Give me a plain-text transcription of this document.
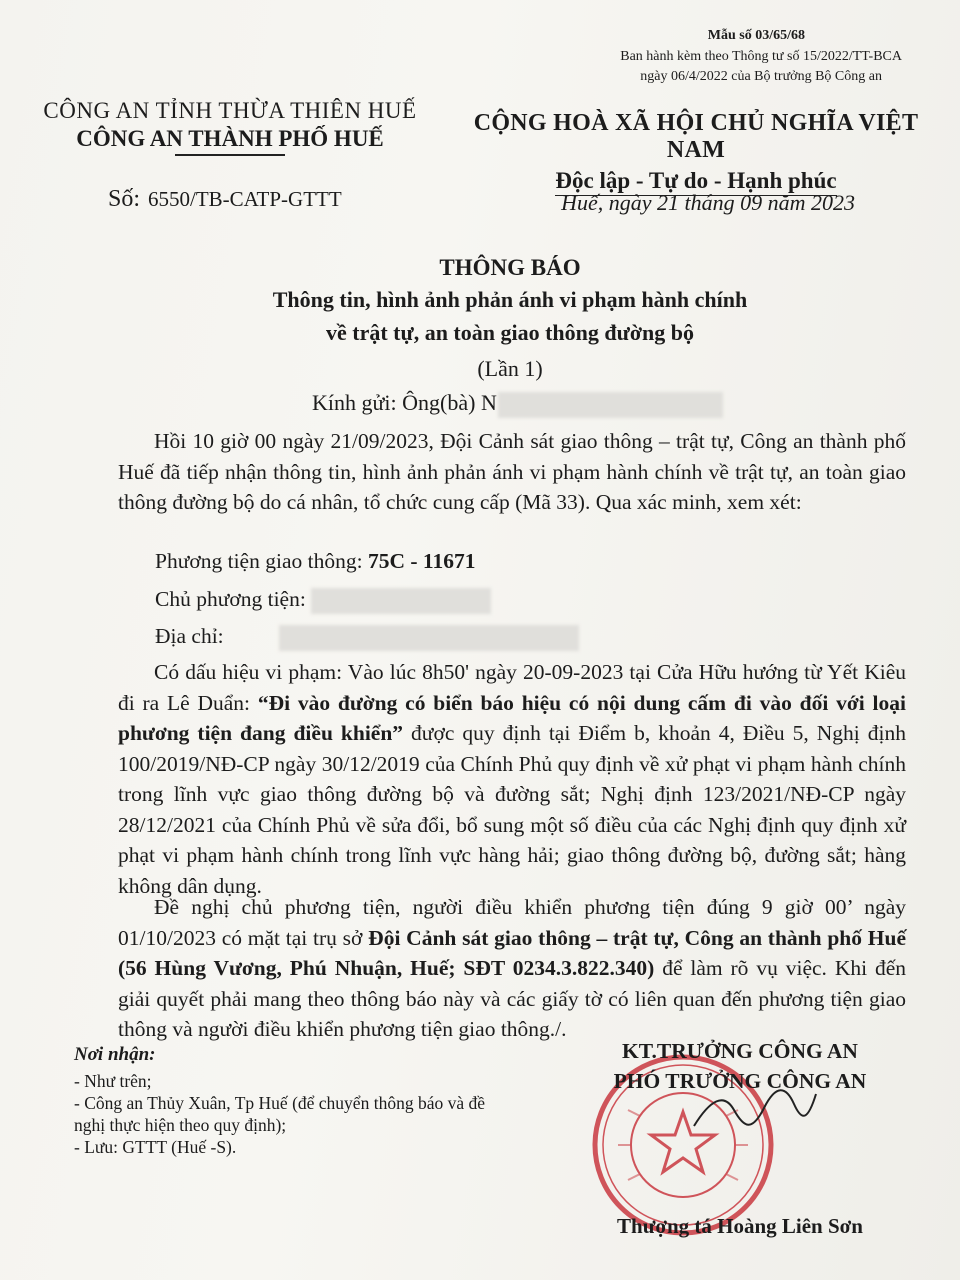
Mẫu số 03/65/68
Ban hành kèm theo Thông tư số 15/2022/TT-BCA
ngày 06/4/2022 của Bộ trưởng Bộ Công an
CÔNG AN TỈNH THỪA THIÊN HUẾ
CÔNG AN THÀNH PHỐ HUẾ
CỘNG HOÀ XÃ HỘI CHỦ NGHĨA VIỆT NAM
Độc lập - Tự do - Hạnh phúc
Số: 6550/TB-CATP-GTTT	Huế, ngày 21 tháng 09 năm 2023
THÔNG BÁO
Thông tin, hình ảnh phản ánh vi phạm hành chính
về trật tự, an toàn giao thông đường bộ
(Lần 1)
Kính gửi: Ông(bà) N
Hồi 10 giờ 00 ngày 21/09/2023, Đội Cảnh sát giao thông – trật tự, Công an thành phố Huế đã tiếp nhận thông tin, hình ảnh phản ánh vi phạm hành chính về trật tự, an toàn giao thông đường bộ do cá nhân, tổ chức cung cấp (Mã 33). Qua xác minh, xem xét:
Phương tiện giao thông: 75C - 11671
Chủ phương tiện:
Địa chỉ:
Có dấu hiệu vi phạm: Vào lúc 8h50' ngày 20-09-2023 tại Cửa Hữu hướng từ Yết Kiêu đi ra Lê Duẩn: “Đi vào đường có biển báo hiệu có nội dung cấm đi vào đối với loại phương tiện đang điều khiển” được quy định tại Điểm b, khoản 4, Điều 5, Nghị định 100/2019/NĐ-CP ngày 30/12/2019 của Chính Phủ quy định về xử phạt vi phạm hành chính trong lĩnh vực giao thông đường bộ và đường sắt; Nghị định 123/2021/NĐ-CP ngày 28/12/2021 của Chính Phủ về sửa đổi, bổ sung một số điều của các Nghị định quy định xử phạt vi phạm hành chính trong lĩnh vực hàng hải; giao thông đường bộ, đường sắt; hàng không dân dụng.
Đề nghị chủ phương tiện, người điều khiển phương tiện đúng 9 giờ 00’ ngày 01/10/2023 có mặt tại trụ sở Đội Cảnh sát giao thông – trật tự, Công an thành phố Huế (56 Hùng Vương, Phú Nhuận, Huế; SĐT 0234.3.822.340) để làm rõ vụ việc. Khi đến giải quyết phải mang theo thông báo này và các giấy tờ có liên quan đến phương tiện giao thông và người điều khiển phương tiện giao thông./.
Nơi nhận:
- Như trên;
- Công an Thủy Xuân, Tp Huế (để chuyển thông báo và đề nghị thực hiện theo quy định);
- Lưu: GTTT (Huế -S).
KT.TRƯỞNG CÔNG AN
PHÓ TRƯỞNG CÔNG AN
Thượng tá Hoàng Liên Sơn
